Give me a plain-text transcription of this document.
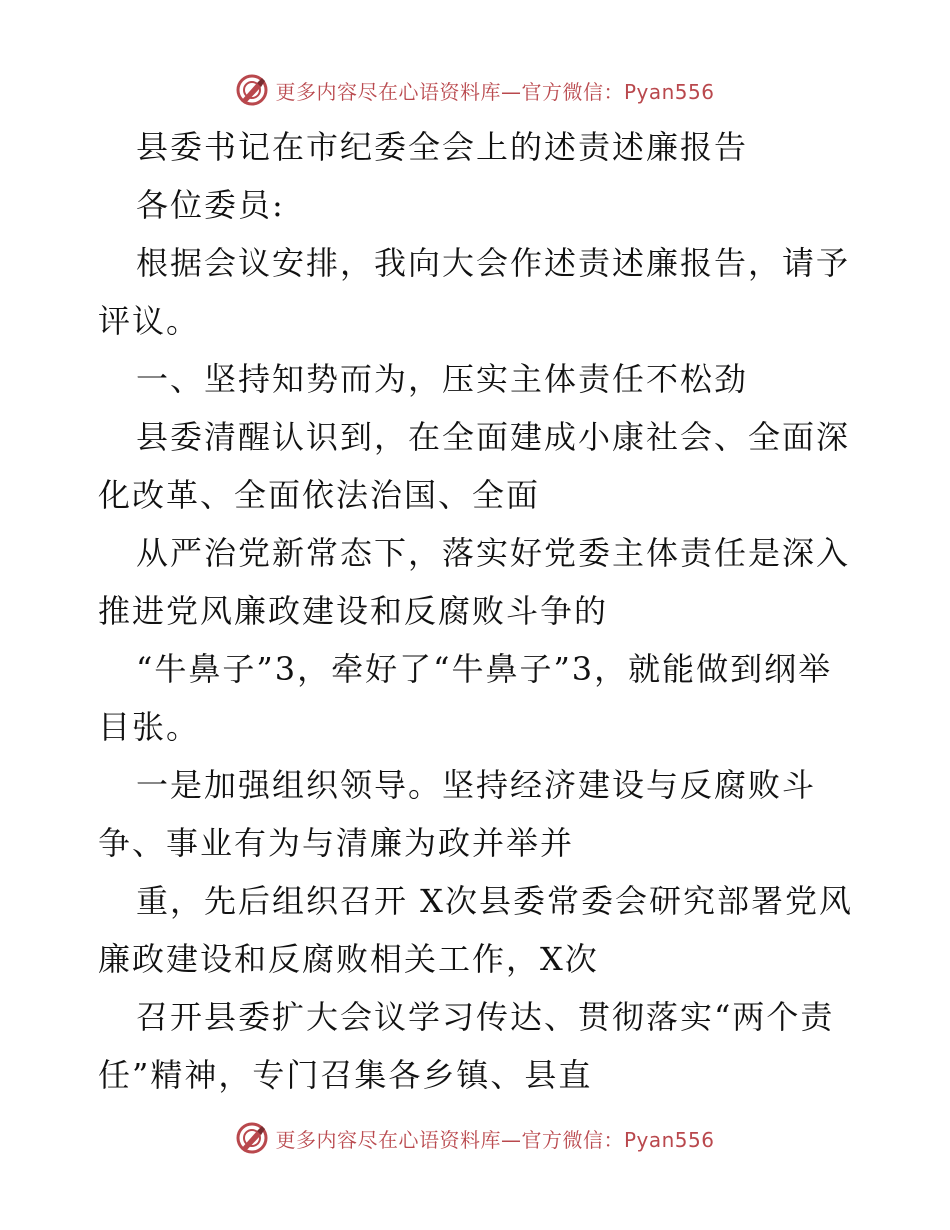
更多内容尽在心语资料库—官方微信：Pyan556

县委书记在市纪委全会上的述责述廉报告

各位委员:

根据会议安排，我向大会作述责述廉报告，请予评议。

一、坚持知势而为，压实主体责任不松劲

县委清醒认识到，在全面建成小康社会、全面深化改革、全面依法治国、全面

从严治党新常态下，落实好党委主体责任是深入推进党风廉政建设和反腐败斗争的

“牛鼻子”3，牵好了“牛鼻子”3，就能做到纲举目张。

一是加强组织领导。坚持经济建设与反腐败斗争、事业有为与清廉为政并举并

重，先后组织召开 X次县委常委会研究部署党风廉政建设和反腐败相关工作，X次

召开县委扩大会议学习传达、贯彻落实“两个责任”精神，专门召集各乡镇、县直

更多内容尽在心语资料库—官方微信：Pyan556
